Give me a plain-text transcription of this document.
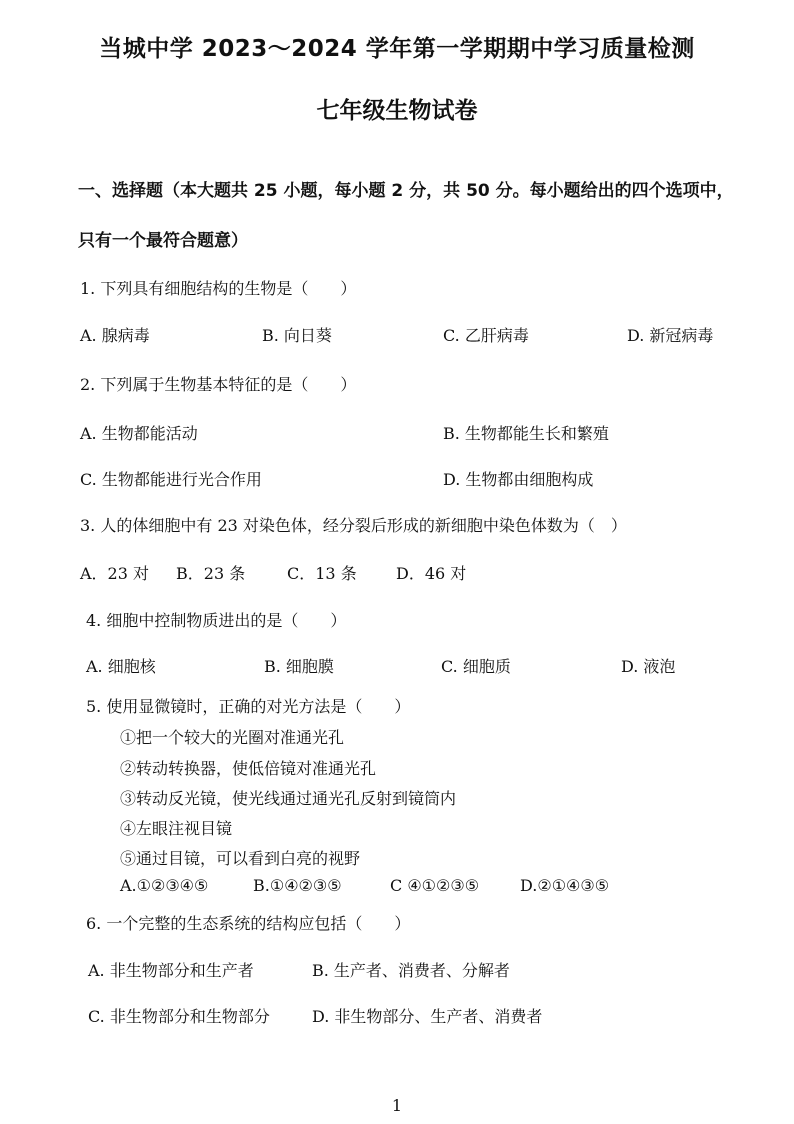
当城中学 2023～2024 学年第一学期期中学习质量检测
七年级生物试卷
一、选择题（本大题共 25 小题，每小题 2 分，共 50 分。每小题给出的四个选项中，
只有一个最符合题意）
1. 下列具有细胞结构的生物是（　　）
A. 腺病毒	B. 向日葵	C. 乙肝病毒	D. 新冠病毒
2. 下列属于生物基本特征的是（　　）
A. 生物都能活动	B. 生物都能生长和繁殖
C. 生物都能进行光合作用	D. 生物都由细胞构成
3. 人的体细胞中有 23 对染色体，经分裂后形成的新细胞中染色体数为（　）
A．23 对 B．23 条	C．13 条 D．46 对
4. 细胞中控制物质进出的是（　　）
A. 细胞核	B. 细胞膜	C. 细胞质	D. 液泡
5. 使用显微镜时，正确的对光方法是（　　）
①把一个较大的光圈对准通光孔
②转动转换器，使低倍镜对准通光孔
③转动反光镜，使光线通过通光孔反射到镜筒内
④左眼注视目镜
⑤通过目镜，可以看到白亮的视野
A.①②③④⑤	B.①④②③⑤	C ④①②③⑤	D.②①④③⑤
6. 一个完整的生态系统的结构应包括（　　）
A. 非生物部分和生产者	B. 生产者、消费者、分解者
C. 非生物部分和生物部分	D. 非生物部分、生产者、消费者
1
